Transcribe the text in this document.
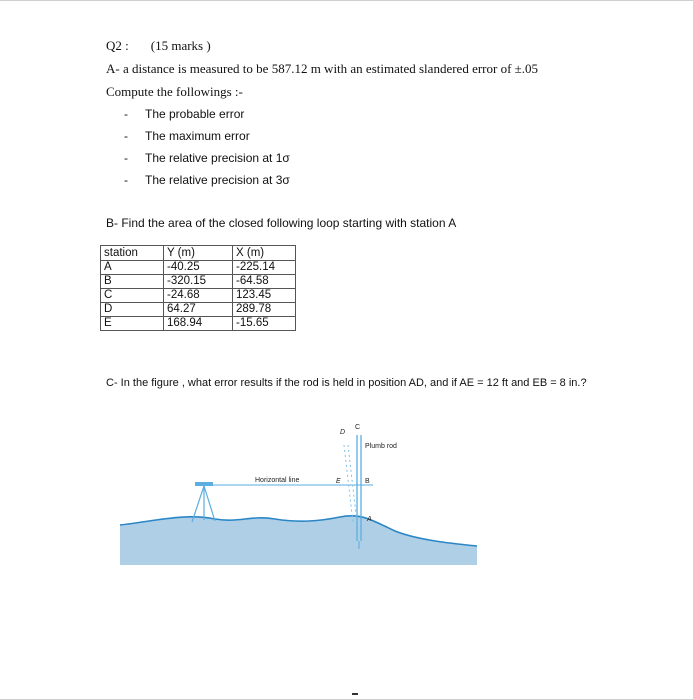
Q2 : (15 marks )
A- a distance is measured to be 587.12 m with an estimated slandered error of ±.05
Compute the followings :-
- The probable error
- The maximum error
- The relative precision at 1σ
- The relative precision at 3σ
B- Find the area of the closed following loop starting with station A
station	Y (m)	X (m)
A	-40.25	-225.14
B	-320.15	-64.58
C	-24.68	123.45
D	64.27	289.78
E	168.94	-15.65
C- In the figure , what error results if the rod is held in position AD, and if AE = 12 ft and EB = 8 in.?
Horizontal line
Plumb rod
D
C
E	B
A
